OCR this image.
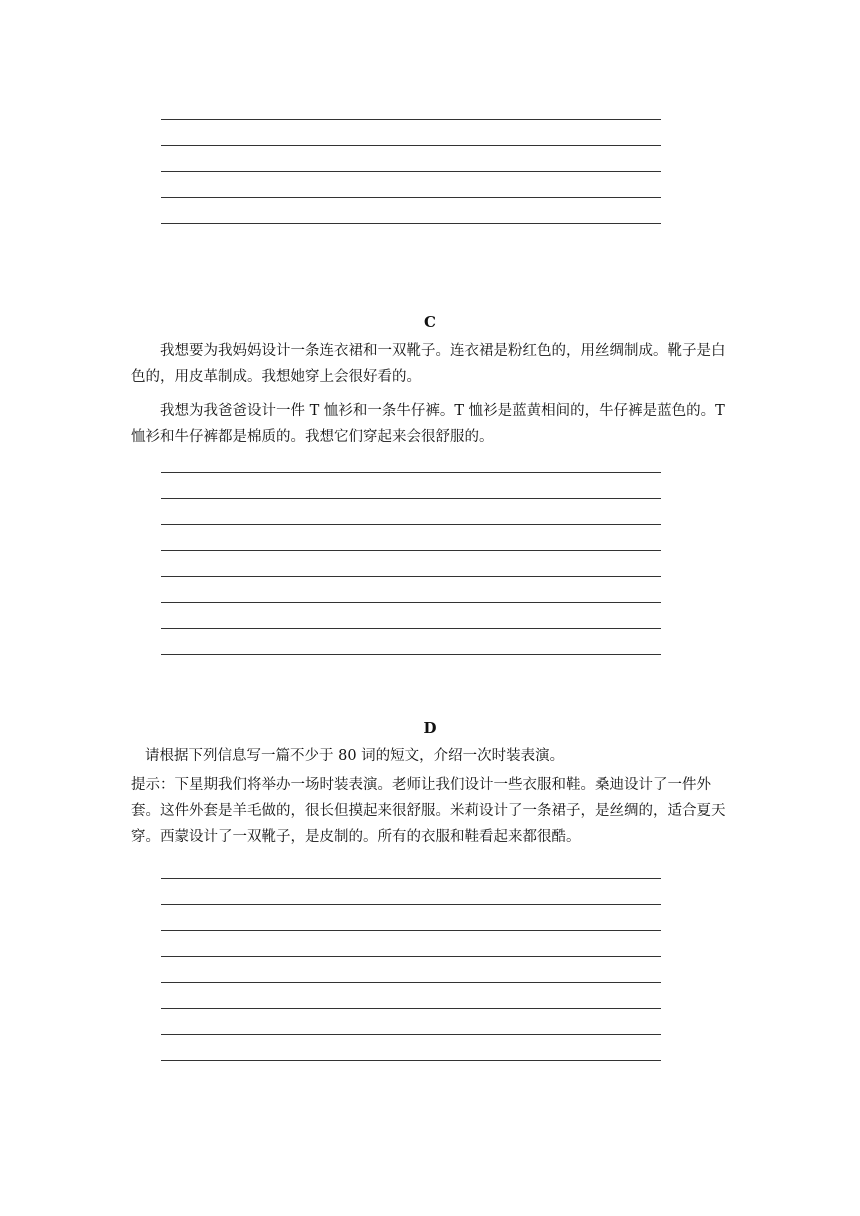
C

我想要为我妈妈设计一条连衣裙和一双靴子。连衣裙是粉红色的，用丝绸制成。靴子是白色的，用皮革制成。我想她穿上会很好看的。

我想为我爸爸设计一件 T 恤衫和一条牛仔裤。T 恤衫是蓝黄相间的，牛仔裤是蓝色的。T 恤衫和牛仔裤都是棉质的。我想它们穿起来会很舒服的。

D

请根据下列信息写一篇不少于 80 词的短文，介绍一次时装表演。

提示：下星期我们将举办一场时装表演。老师让我们设计一些衣服和鞋。桑迪设计了一件外套。这件外套是羊毛做的，很长但摸起来很舒服。米莉设计了一条裙子，是丝绸的，适合夏天穿。西蒙设计了一双靴子，是皮制的。所有的衣服和鞋看起来都很酷。
